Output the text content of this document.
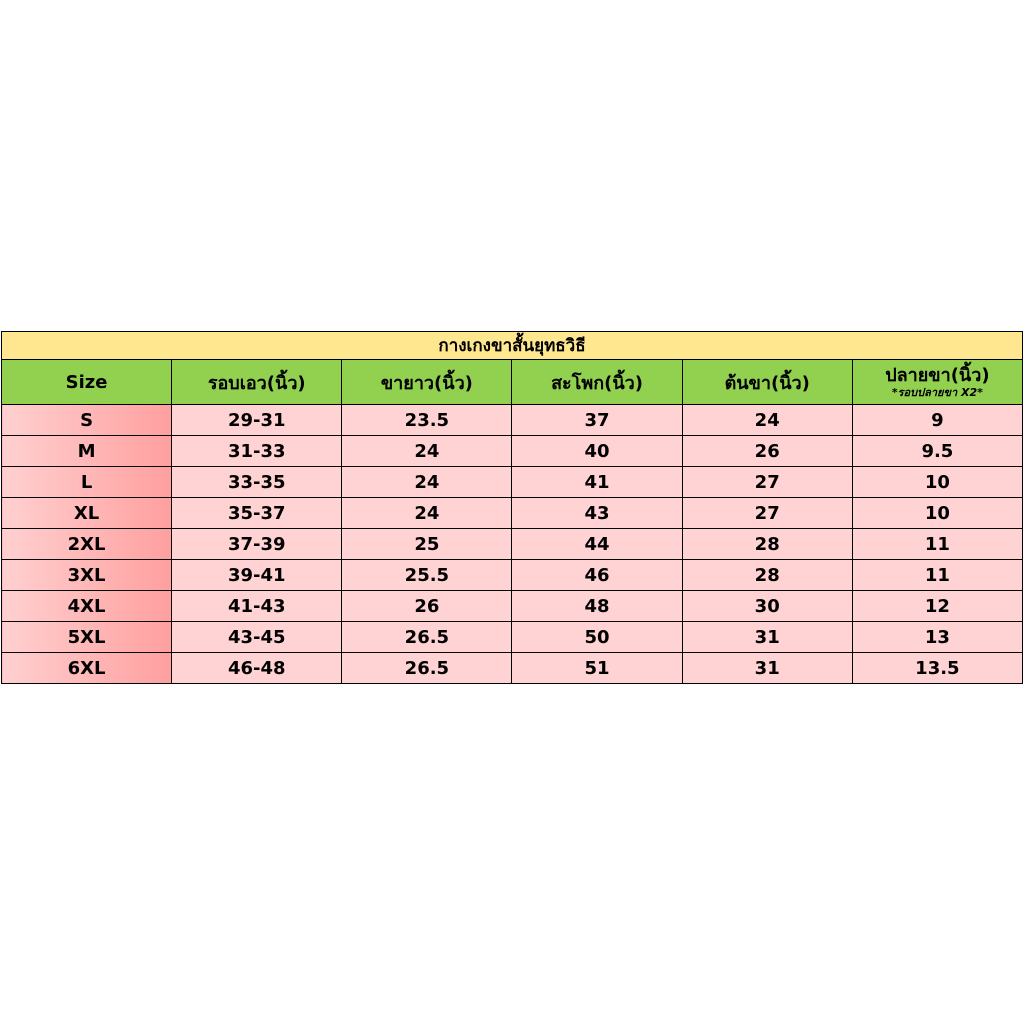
กางเกงขาสั้นยุทธวิธี					
Size	รอบเอว(นิ้ว)	ขายาว(นิ้ว)	สะโพก(นิ้ว)	ต้นขา(นิ้ว)	ปลายขา(นิ้ว)
*รอบปลายขา X2*

S	29-31	23.5	37	24	9
M	31-33	24	40	26	9.5
L	33-35	24	41	27	10
XL	35-37	24	43	27	10
2XL	37-39	25	44	28	11
3XL	39-41	25.5	46	28	11
4XL	41-43	26	48	30	12
5XL	43-45	26.5	50	31	13
6XL	46-48	26.5	51	31	13.5
